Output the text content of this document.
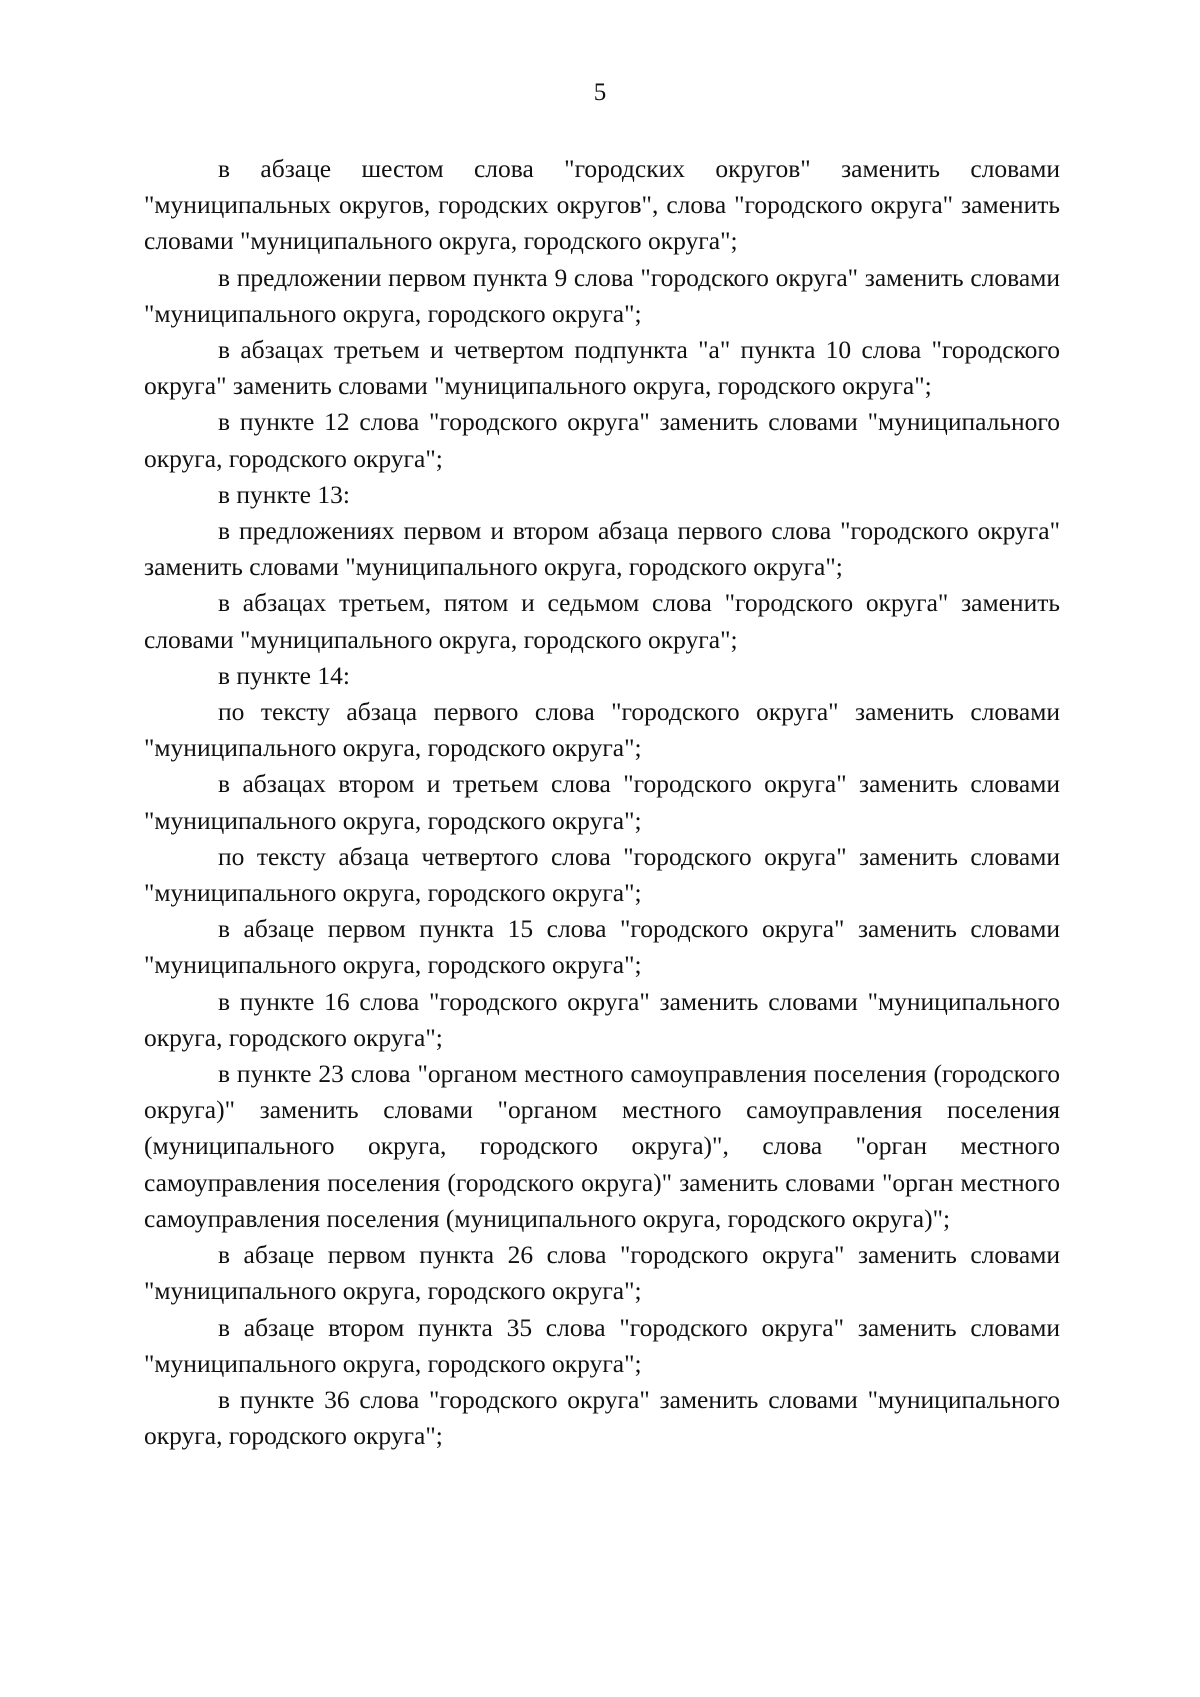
5

в абзаце шестом слова "городских округов" заменить словами "муниципальных округов, городских округов", слова "городского округа" заменить словами "муниципального округа, городского округа";

в предложении первом пункта 9 слова "городского округа" заменить словами "муниципального округа, городского округа";

в абзацах третьем и четвертом подпункта "а" пункта 10 слова "городского округа" заменить словами "муниципального округа, городского округа";

в пункте 12 слова "городского округа" заменить словами "муниципального округа, городского округа";

в пункте 13:

в предложениях первом и втором абзаца первого слова "городского округа" заменить словами "муниципального округа, городского округа";

в абзацах третьем, пятом и седьмом слова "городского округа" заменить словами "муниципального округа, городского округа";

в пункте 14:

по тексту абзаца первого слова "городского округа" заменить словами "муниципального округа, городского округа";

в абзацах втором и третьем слова "городского округа" заменить словами "муниципального округа, городского округа";

по тексту абзаца четвертого слова "городского округа" заменить словами "муниципального округа, городского округа";

в абзаце первом пункта 15 слова "городского округа" заменить словами "муниципального округа, городского округа";

в пункте 16 слова "городского округа" заменить словами "муниципального округа, городского округа";

в пункте 23 слова "органом местного самоуправления поселения (городского округа)" заменить словами "органом местного самоуправления поселения (муниципального округа, городского округа)", слова "орган местного самоуправления поселения (городского округа)" заменить словами "орган местного самоуправления поселения (муниципального округа, городского округа)";

в абзаце первом пункта 26 слова "городского округа" заменить словами "муниципального округа, городского округа";

в абзаце втором пункта 35 слова "городского округа" заменить словами "муниципального округа, городского округа";

в пункте 36 слова "городского округа" заменить словами "муниципального округа, городского округа";
